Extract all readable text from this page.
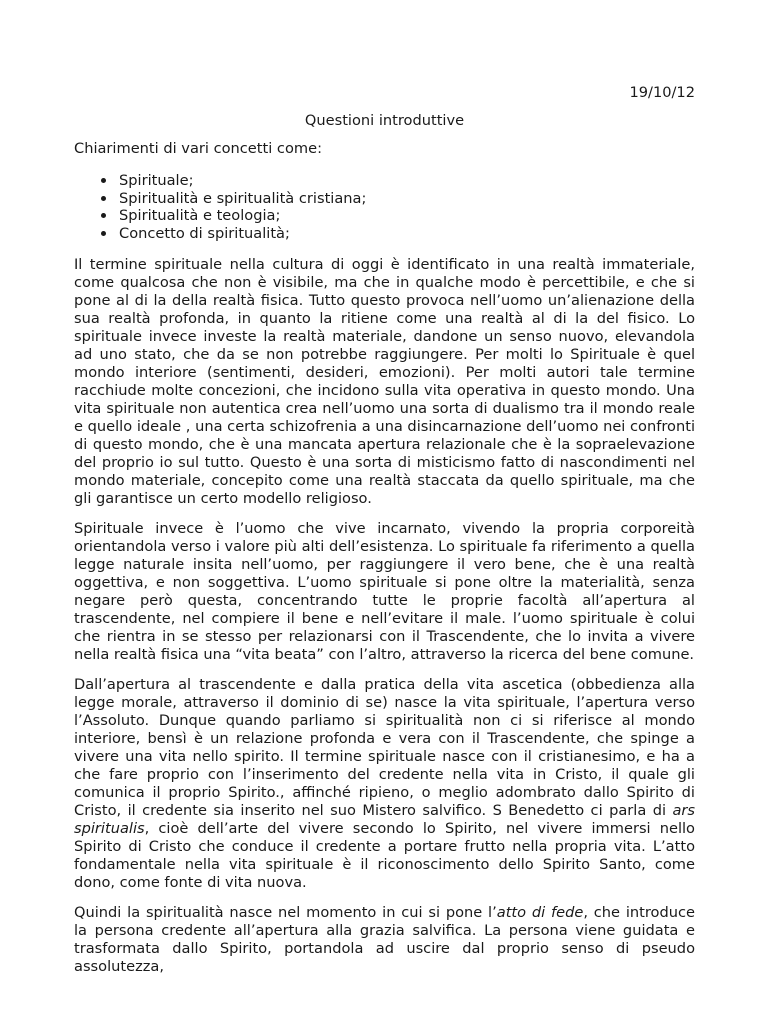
19/10/12

Questioni introduttive

Chiarimenti di vari concetti come:

Spirituale;
Spiritualità e spiritualità cristiana;
Spiritualità e teologia;
Concetto di spiritualità;

Il termine spirituale nella cultura di oggi è identificato in una realtà immateriale, come qualcosa che non è visibile, ma che in qualche modo è percettibile, e che si pone al di la della realtà fisica. Tutto questo provoca nell’uomo un’alienazione della sua realtà profonda, in quanto la ritiene come una realtà al di la del fisico. Lo spirituale invece investe la realtà materiale, dandone un senso nuovo, elevandola ad uno stato, che da se non potrebbe raggiungere. Per molti lo Spirituale è quel mondo interiore (sentimenti, desideri, emozioni). Per molti autori tale termine racchiude molte concezioni, che incidono sulla vita operativa in questo mondo. Una vita spirituale non autentica crea nell’uomo una sorta di dualismo tra il mondo reale e quello ideale , una certa schizofrenia a una disincarnazione dell’uomo nei confronti di questo mondo, che è una mancata apertura relazionale che è la sopraelevazione del proprio io sul tutto. Questo è una sorta di misticismo fatto di nascondimenti nel mondo materiale, concepito come una realtà staccata da quello spirituale, ma che gli garantisce un certo modello religioso.

Spirituale invece è l’uomo che vive incarnato, vivendo la propria corporeità orientandola verso i valore più alti dell’esistenza. Lo spirituale fa riferimento a quella legge naturale insita nell’uomo, per raggiungere il vero bene, che è una realtà oggettiva, e non soggettiva. L’uomo spirituale si pone oltre la materialità, senza negare però questa, concentrando tutte le proprie facoltà all’apertura al trascendente, nel compiere il bene e nell’evitare il male. l’uomo spirituale è colui che rientra in se stesso per relazionarsi con il Trascendente, che lo invita a vivere nella realtà fisica una “vita beata” con l’altro, attraverso la ricerca del bene comune.

Dall’apertura al trascendente e dalla pratica della vita ascetica (obbedienza alla legge morale, attraverso il dominio di se) nasce la vita spirituale, l’apertura verso l’Assoluto. Dunque quando parliamo si spiritualità non ci si riferisce al mondo interiore, bensì è un relazione profonda e vera con il Trascendente, che spinge a vivere una vita nello spirito. Il termine spirituale nasce con il cristianesimo, e ha a che fare proprio con l’inserimento del credente nella vita in Cristo, il quale gli comunica il proprio Spirito., affinché ripieno, o meglio adombrato dallo Spirito di Cristo, il credente sia inserito nel suo Mistero salvifico. S Benedetto ci parla di ars spiritualis, cioè dell’arte del vivere secondo lo Spirito, nel vivere immersi nello Spirito di Cristo che conduce il credente a portare frutto nella propria vita. L’atto fondamentale nella vita spirituale è il riconoscimento dello Spirito Santo, come dono, come fonte di vita nuova.

Quindi la spiritualità nasce nel momento in cui si pone l’atto di fede, che introduce la persona credente all’apertura alla grazia salvifica. La persona viene guidata e trasformata dallo Spirito, portandola ad uscire dal proprio senso di pseudo assolutezza,
